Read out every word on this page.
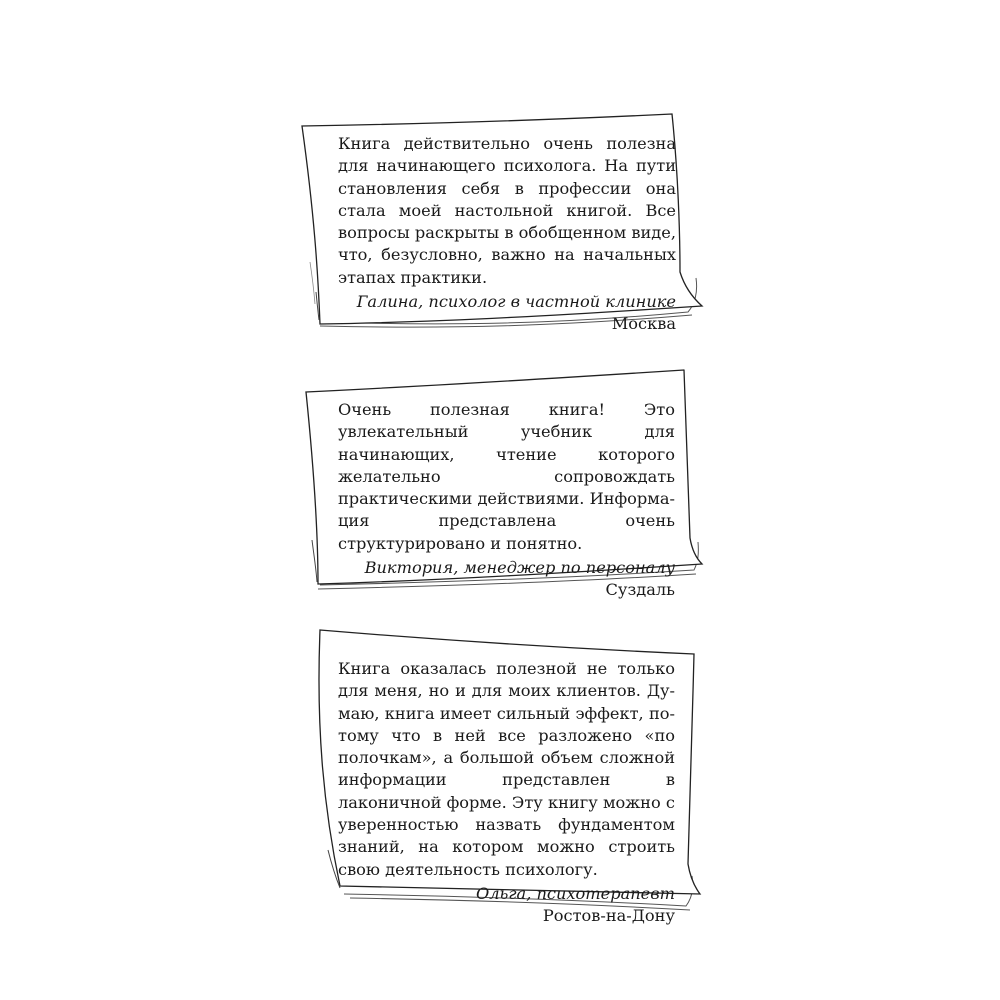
Книга действительно очень полезна для начинающего психолога. На пути становления себя в профессии она стала моей настольной книгой. Все вопросы раскрыты в обобщенном виде, что, безусловно, важно на начальных этапах практики.

Галина, психолог в частной клинике

Москва

Очень полезная книга! Это увлекательный учебник для начинающих, чтение которого желательно сопровождать практическими действиями. Информация представлена очень структурировано и понятно.

Виктория, менеджер по персоналу

Суздаль

Книга оказалась полезной не только для меня, но и для моих клиентов. Думаю, книга имеет сильный эффект, потому что в ней все разложено «по полочкам», а большой объем сложной информации представлен в лаконичной форме. Эту книгу можно с уверенностью назвать фундаментом знаний, на котором можно строить свою деятельность психологу.

Ольга, психотерапевт

Ростов-на-Дону
